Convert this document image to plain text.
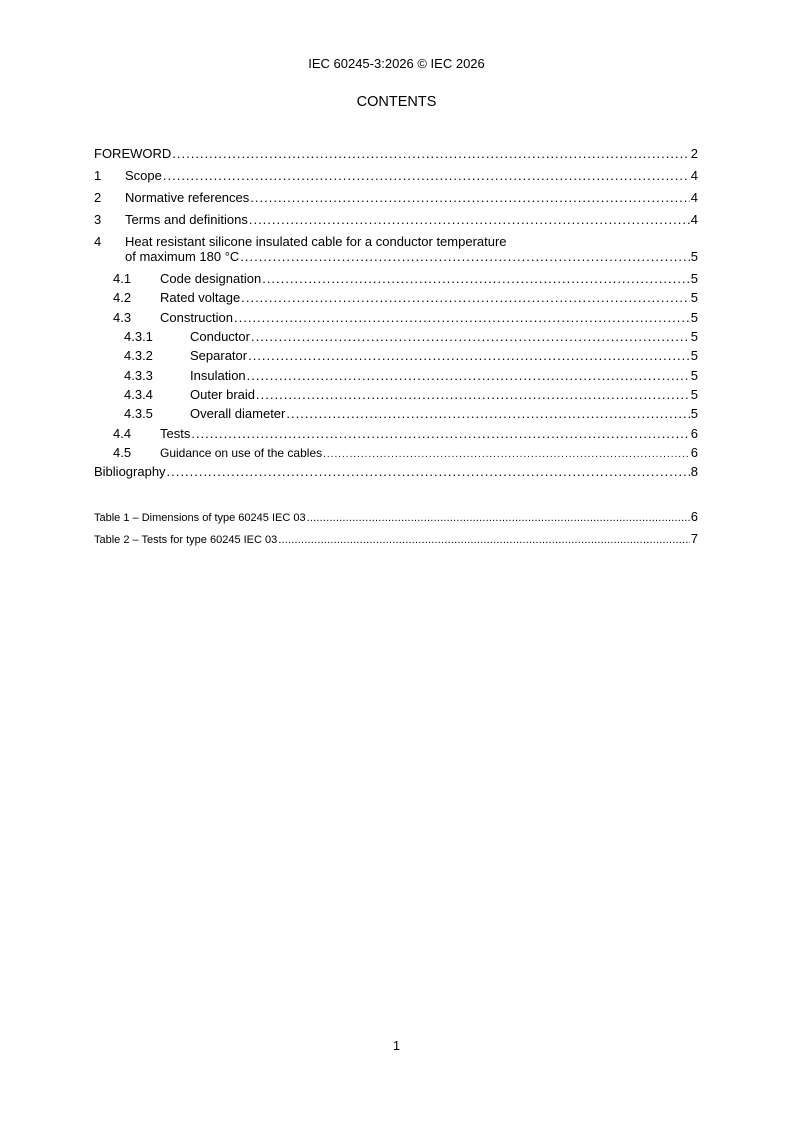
IEC 60245-3:2026 © IEC 2026
CONTENTS
FOREWORD .....	2
1	Scope .....	4
2	Normative references .....	4
3	Terms and definitions .....	4
4 Heat resistant silicone insulated cable for a conductor temperature
of maximum 180 °C .....	5
4.1	Code designation .....	5
4.2	Rated voltage .....	5
4.3	Construction .....	5
4.3.1	Conductor .....	5
4.3.2	Separator .....	5
4.3.3	Insulation .....	5
4.3.4	Outer braid .....	5
4.3.5	Overall diameter .....	5
4.4	Tests .....	6
4.5	Guidance on use of the cables .....	6
Bibliography .....	8
Table 1 – Dimensions of type 60245 IEC 03 .....	6
Table 2 – Tests for type 60245 IEC 03 .....	7
1
